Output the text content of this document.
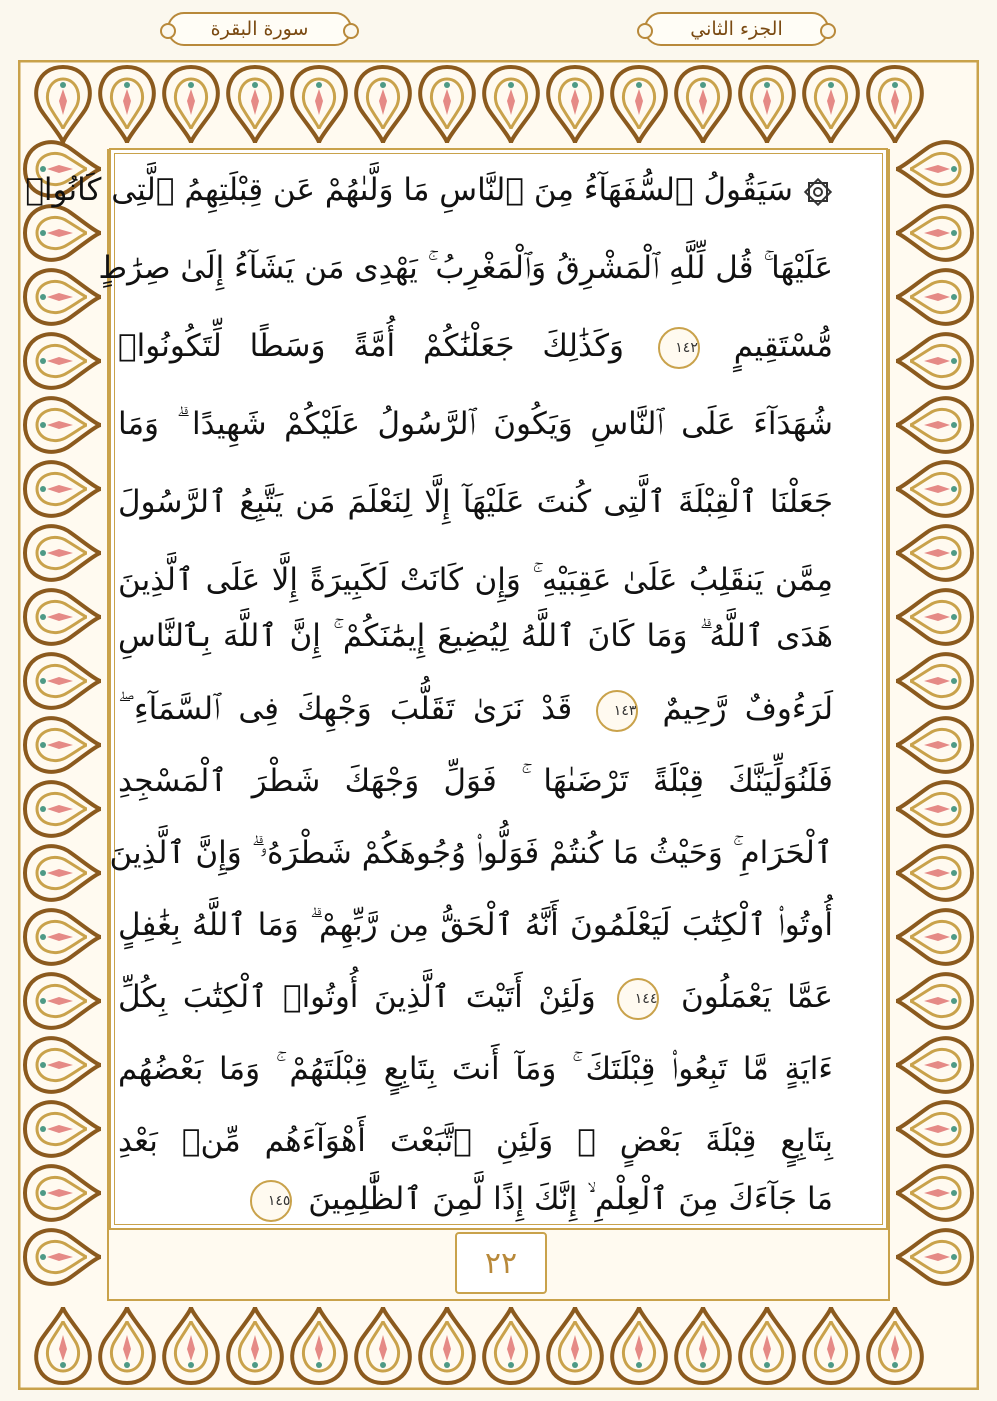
سورة البقرة	الجزء الثاني
سَيَقُولُ ٱلسُّفَهَآءُ مِنَ ٱلنَّاسِ مَا وَلَّىٰهُمْ عَن قِبْلَتِهِمُ ٱلَّتِى كَانُوا۟
عَلَيْهَا ۚ قُل لِّلَّهِ ٱلْمَشْرِقُ وَٱلْمَغْرِبُ ۚ يَهْدِى مَن يَشَآءُ إِلَىٰ صِرَٰطٍ
مُّسْتَقِيمٍ ١٤٢ وَكَذَٰلِكَ جَعَلْنَٰكُمْ أُمَّةً وَسَطًا لِّتَكُونُوا۟
شُهَدَآءَ عَلَى ٱلنَّاسِ وَيَكُونَ ٱلرَّسُولُ عَلَيْكُمْ شَهِيدًا ۗ وَمَا
جَعَلْنَا ٱلْقِبْلَةَ ٱلَّتِى كُنتَ عَلَيْهَآ إِلَّا لِنَعْلَمَ مَن يَتَّبِعُ ٱلرَّسُولَ
مِمَّن يَنقَلِبُ عَلَىٰ عَقِبَيْهِ ۚ وَإِن كَانَتْ لَكَبِيرَةً إِلَّا عَلَى ٱلَّذِينَ
هَدَى ٱللَّهُ ۗ وَمَا كَانَ ٱللَّهُ لِيُضِيعَ إِيمَٰنَكُمْ ۚ إِنَّ ٱللَّهَ بِٱلنَّاسِ
لَرَءُوفٌ رَّحِيمٌ ١٤٣ قَدْ نَرَىٰ تَقَلُّبَ وَجْهِكَ فِى ٱلسَّمَآءِ ۖ
فَلَنُوَلِّيَنَّكَ قِبْلَةً تَرْضَىٰهَا ۚ فَوَلِّ وَجْهَكَ شَطْرَ ٱلْمَسْجِدِ
ٱلْحَرَامِ ۚ وَحَيْثُ مَا كُنتُمْ فَوَلُّوا۟ وُجُوهَكُمْ شَطْرَهُۥ ۗ وَإِنَّ ٱلَّذِينَ
أُوتُوا۟ ٱلْكِتَٰبَ لَيَعْلَمُونَ أَنَّهُ ٱلْحَقُّ مِن رَّبِّهِمْ ۗ وَمَا ٱللَّهُ بِغَٰفِلٍ
عَمَّا يَعْمَلُونَ ١٤٤ وَلَئِنْ أَتَيْتَ ٱلَّذِينَ أُوتُوا۟ ٱلْكِتَٰبَ بِكُلِّ
ءَايَةٍ مَّا تَبِعُوا۟ قِبْلَتَكَ ۚ وَمَآ أَنتَ بِتَابِعٍ قِبْلَتَهُمْ ۚ وَمَا بَعْضُهُم
بِتَابِعٍ قِبْلَةَ بَعْضٍ ۚ وَلَئِنِ ٱتَّبَعْتَ أَهْوَآءَهُم مِّنۢ بَعْدِ
مَا جَآءَكَ مِنَ ٱلْعِلْمِ ۙ إِنَّكَ إِذًا لَّمِنَ ٱلظَّٰلِمِينَ ١٤٥
٢٢
